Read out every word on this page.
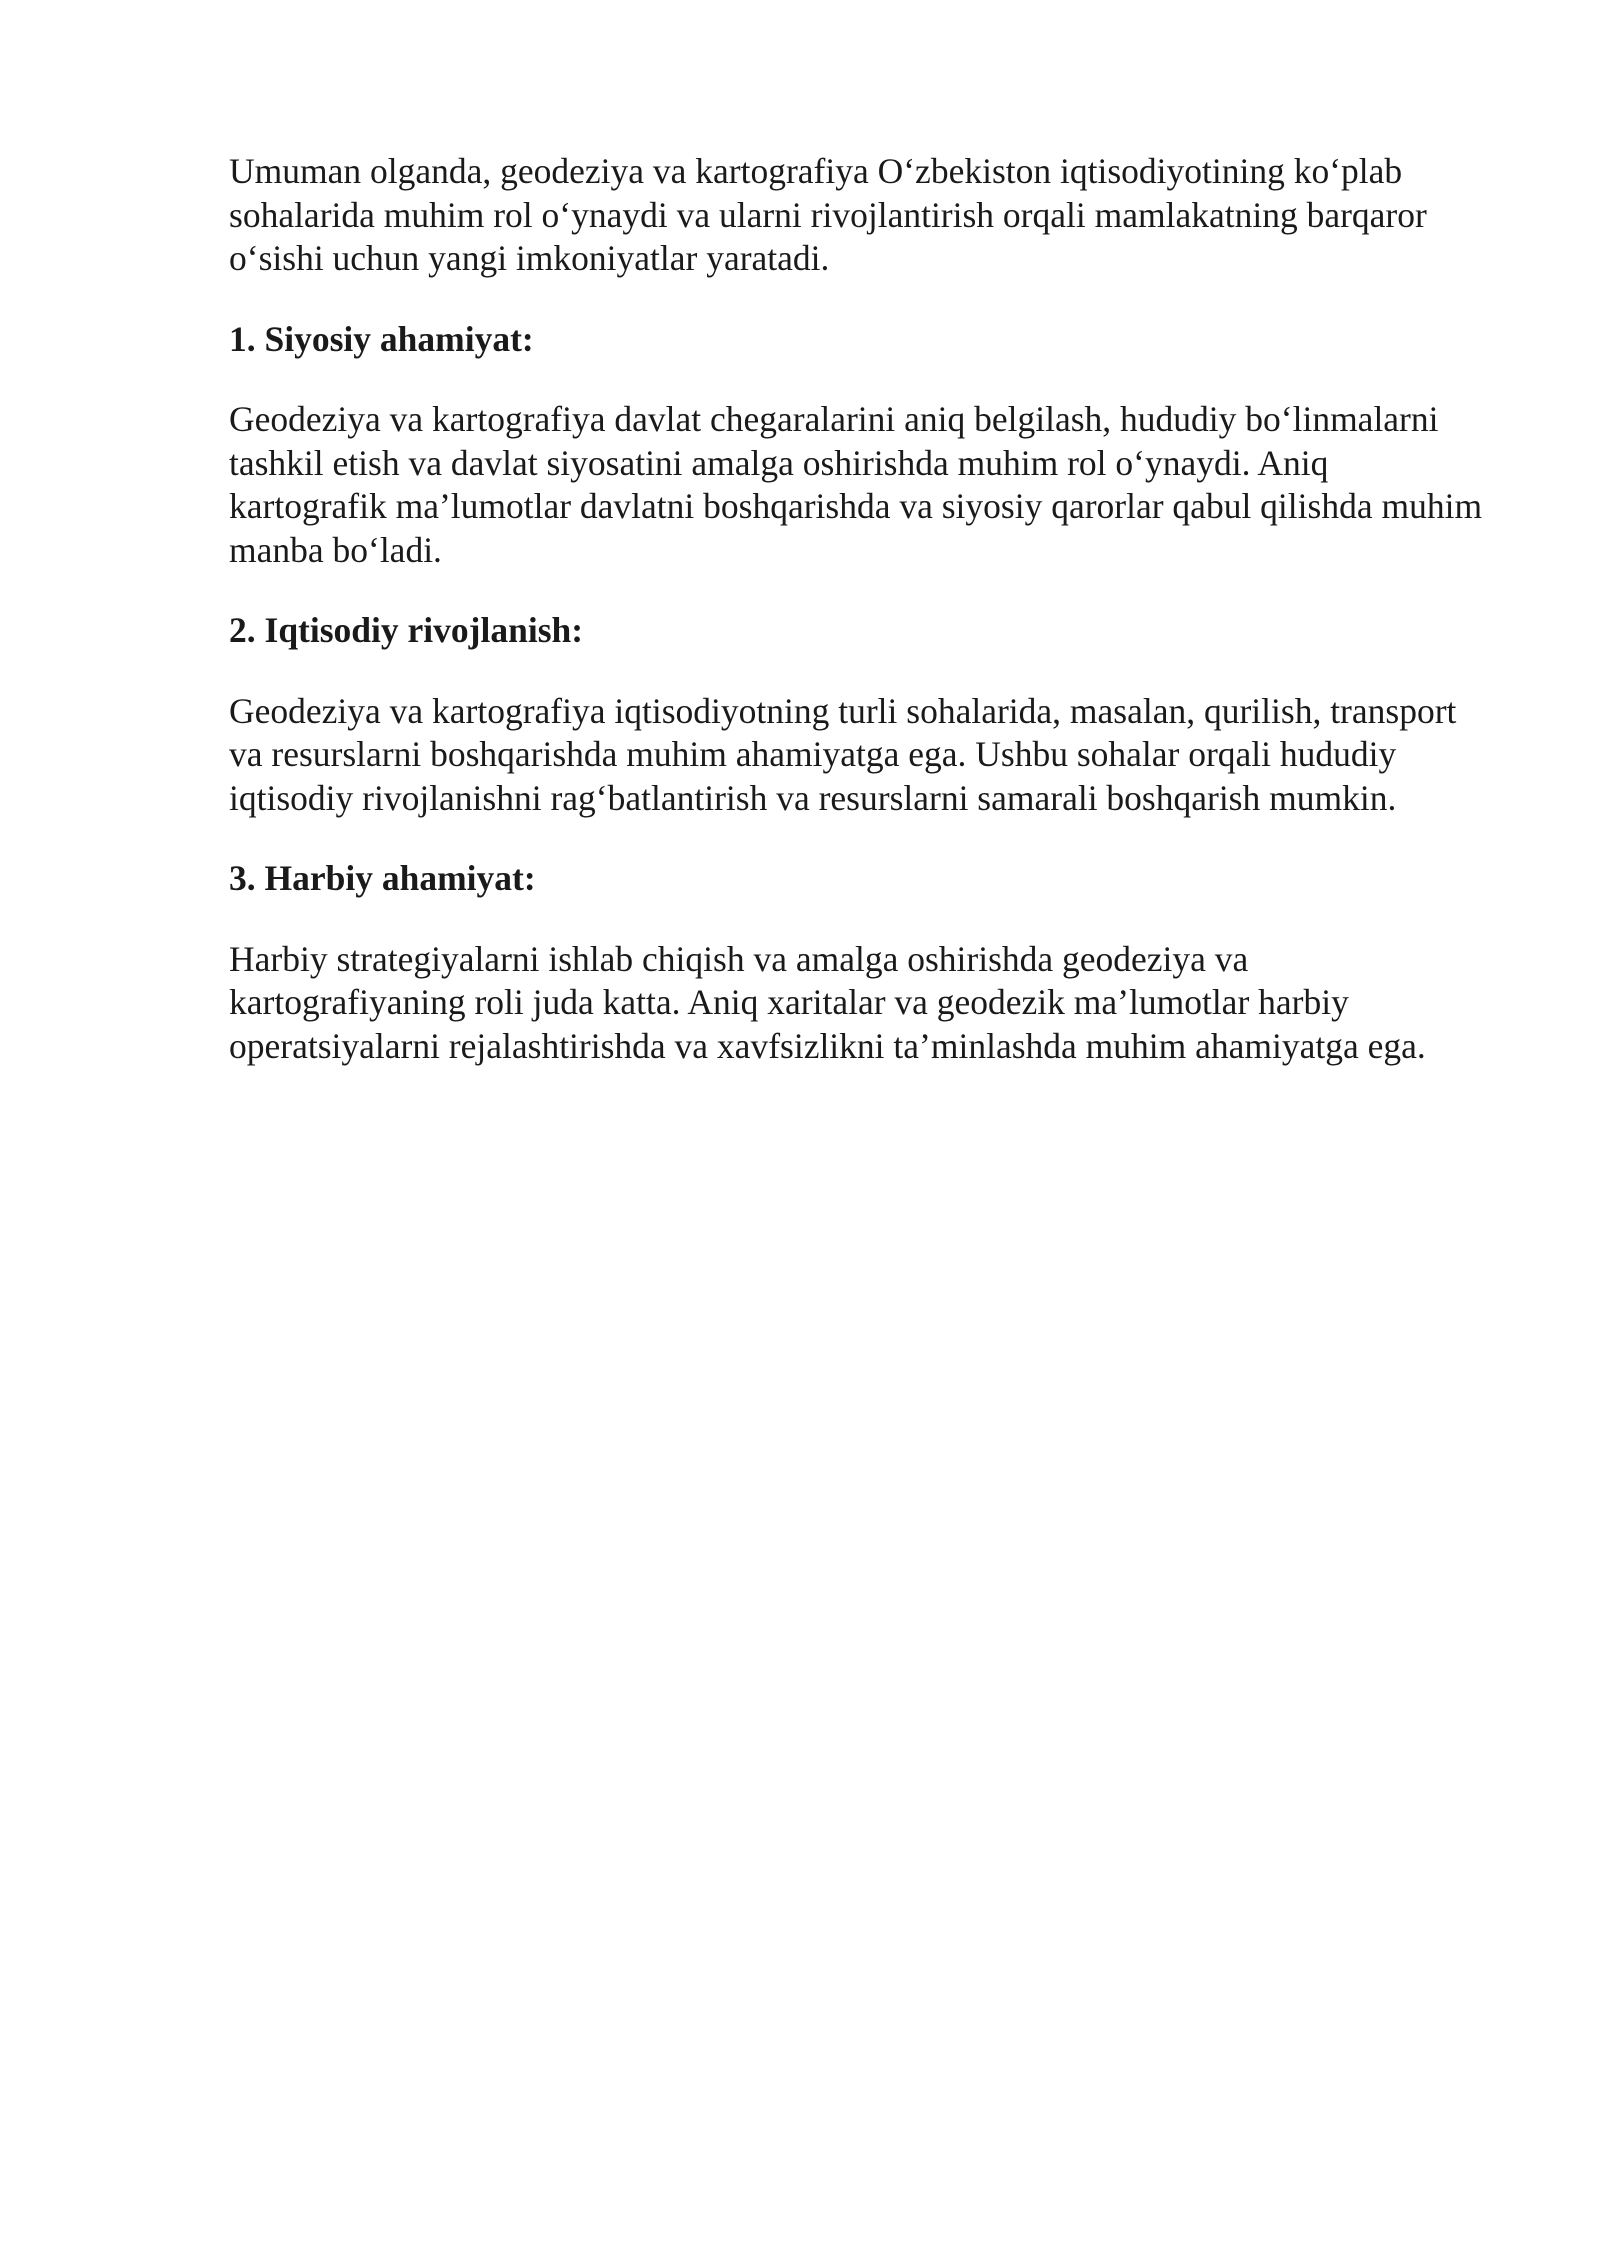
Umuman olganda, geodeziya va kartografiya O‘zbekiston iqtisodiyotining ko‘plab sohalarida muhim rol o‘ynaydi va ularni rivojlantirish orqali mamlakatning barqaror o‘sishi uchun yangi imkoniyatlar yaratadi.

1. Siyosiy ahamiyat:

Geodeziya va kartografiya davlat chegaralarini aniq belgilash, hududiy bo‘linmalarni tashkil etish va davlat siyosatini amalga oshirishda muhim rol o‘ynaydi. Aniq kartografik ma’lumotlar davlatni boshqarishda va siyosiy qarorlar qabul qilishda muhim manba bo‘ladi.

2. Iqtisodiy rivojlanish:

Geodeziya va kartografiya iqtisodiyotning turli sohalarida, masalan, qurilish, transport va resurslarni boshqarishda muhim ahamiyatga ega. Ushbu sohalar orqali hududiy iqtisodiy rivojlanishni rag‘batlantirish va resurslarni samarali boshqarish mumkin.

3. Harbiy ahamiyat:

Harbiy strategiyalarni ishlab chiqish va amalga oshirishda geodeziya va kartografiyaning roli juda katta. Aniq xaritalar va geodezik ma’lumotlar harbiy operatsiyalarni rejalashtirishda va xavfsizlikni ta’minlashda muhim ahamiyatga ega.
